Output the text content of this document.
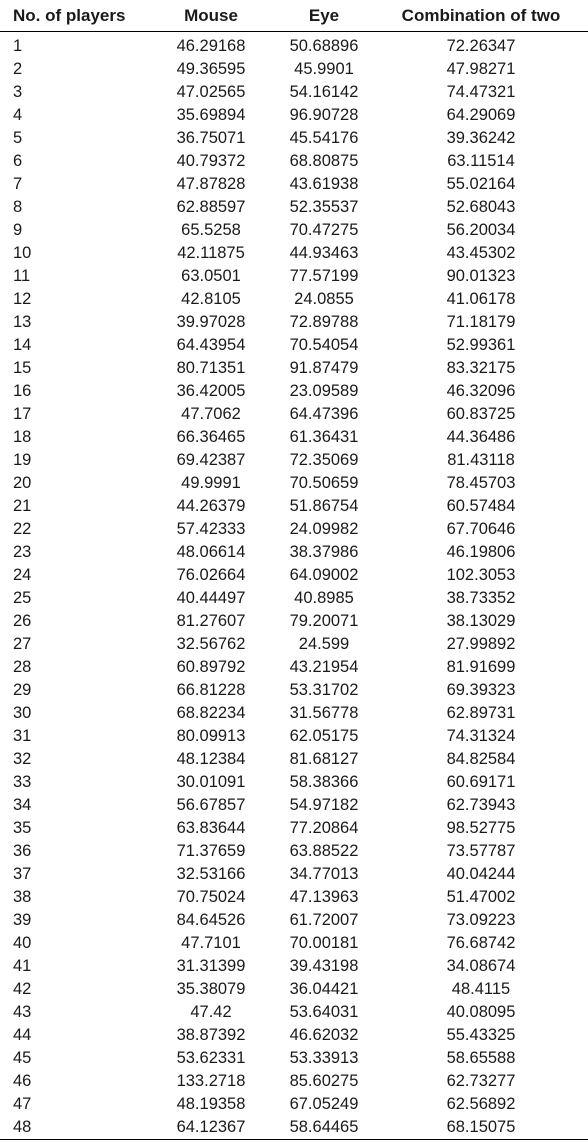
No. of players	Mouse	Eye	Combination of two
1	46.29168	50.68896	72.26347
2	49.36595	45.9901	47.98271
3	47.02565	54.16142	74.47321
4	35.69894	96.90728	64.29069
5	36.75071	45.54176	39.36242
6	40.79372	68.80875	63.11514
7	47.87828	43.61938	55.02164
8	62.88597	52.35537	52.68043
9	65.5258	70.47275	56.20034
10	42.11875	44.93463	43.45302
11	63.0501	77.57199	90.01323
12	42.8105	24.0855	41.06178
13	39.97028	72.89788	71.18179
14	64.43954	70.54054	52.99361
15	80.71351	91.87479	83.32175
16	36.42005	23.09589	46.32096
17	47.7062	64.47396	60.83725
18	66.36465	61.36431	44.36486
19	69.42387	72.35069	81.43118
20	49.9991	70.50659	78.45703
21	44.26379	51.86754	60.57484
22	57.42333	24.09982	67.70646
23	48.06614	38.37986	46.19806
24	76.02664	64.09002	102.3053
25	40.44497	40.8985	38.73352
26	81.27607	79.20071	38.13029
27	32.56762	24.599	27.99892
28	60.89792	43.21954	81.91699
29	66.81228	53.31702	69.39323
30	68.82234	31.56778	62.89731
31	80.09913	62.05175	74.31324
32	48.12384	81.68127	84.82584
33	30.01091	58.38366	60.69171
34	56.67857	54.97182	62.73943
35	63.83644	77.20864	98.52775
36	71.37659	63.88522	73.57787
37	32.53166	34.77013	40.04244
38	70.75024	47.13963	51.47002
39	84.64526	61.72007	73.09223
40	47.7101	70.00181	76.68742
41	31.31399	39.43198	34.08674
42	35.38079	36.04421	48.4115
43	47.42	53.64031	40.08095
44	38.87392	46.62032	55.43325
45	53.62331	53.33913	58.65588
46	133.2718	85.60275	62.73277
47	48.19358	67.05249	62.56892
48	64.12367	58.64465	68.15075
